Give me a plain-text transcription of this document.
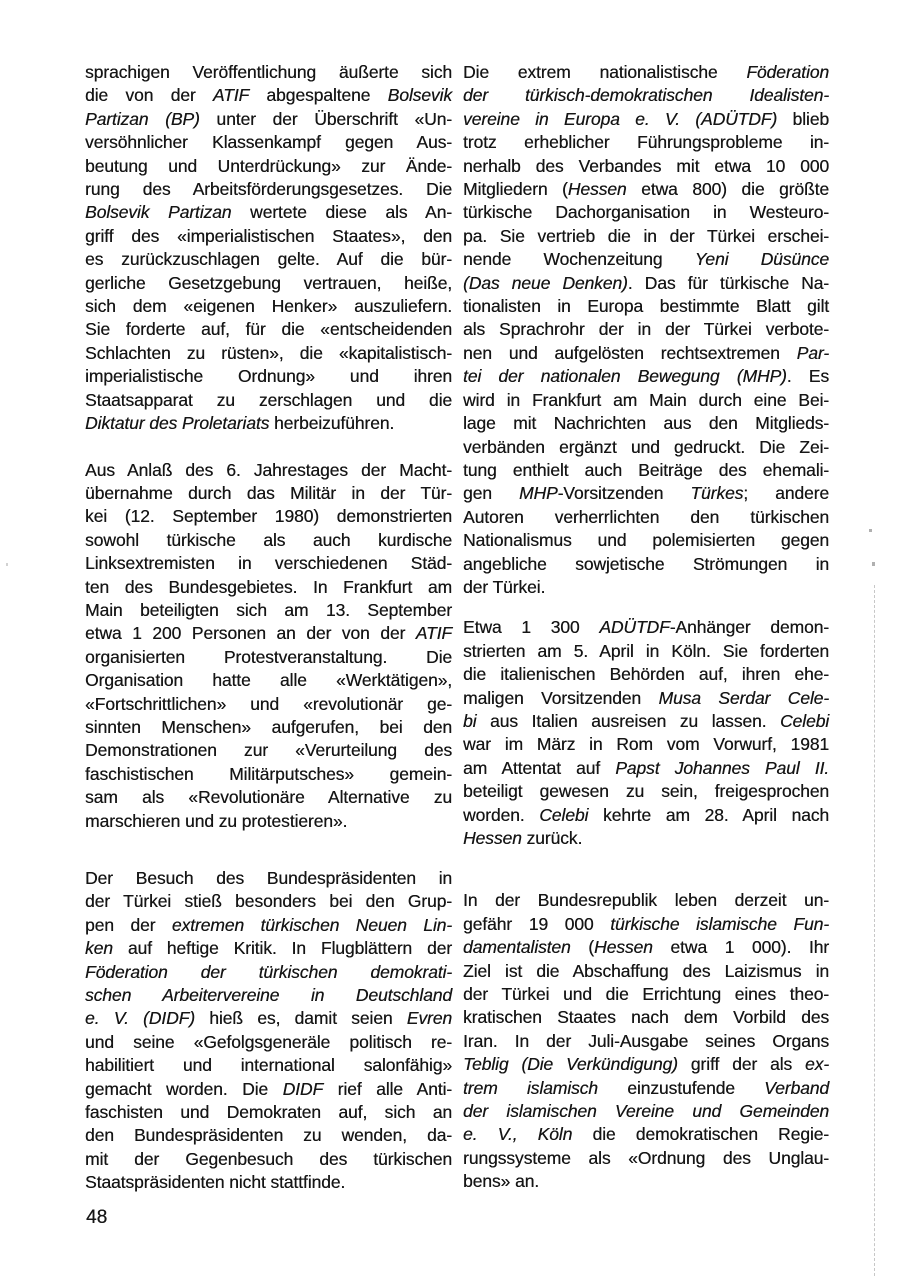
sprachigen Veröffentlichung äußerte sich
die von der ATIF abgespaltene Bolsevik
Partizan (BP) unter der Überschrift «Un-
versöhnlicher Klassenkampf gegen Aus-
beutung und Unterdrückung» zur Ände-
rung des Arbeitsförderungsgesetzes. Die
Bolsevik Partizan wertete diese als An-
griff des «imperialistischen Staates», den
es zurückzuschlagen gelte. Auf die bür-
gerliche Gesetzgebung vertrauen, heiße,
sich dem «eigenen Henker» auszuliefern.
Sie forderte auf, für die «entscheidenden
Schlachten zu rüsten», die «kapitalistisch-
imperialistische Ordnung» und ihren
Staatsapparat zu zerschlagen und die
Diktatur des Proletariats herbeizuführen.
Aus Anlaß des 6. Jahrestages der Macht-
übernahme durch das Militär in der Tür-
kei (12. September 1980) demonstrierten
sowohl türkische als auch kurdische
Linksextremisten in verschiedenen Städ-
ten des Bundesgebietes. In Frankfurt am
Main beteiligten sich am 13. September
etwa 1 200 Personen an der von der ATIF
organisierten Protestveranstaltung. Die
Organisation hatte alle «Werktätigen»,
«Fortschrittlichen» und «revolutionär ge-
sinnten Menschen» aufgerufen, bei den
Demonstrationen zur «Verurteilung des
faschistischen Militärputsches» gemein-
sam als «Revolutionäre Alternative zu
marschieren und zu protestieren».
Der Besuch des Bundespräsidenten in
der Türkei stieß besonders bei den Grup-
pen der extremen türkischen Neuen Lin-
ken auf heftige Kritik. In Flugblättern der
Föderation der türkischen demokrati-
schen Arbeitervereine in Deutschland
e. V. (DIDF) hieß es, damit seien Evren
und seine «Gefolgsgeneräle politisch re-
habilitiert und international salonfähig»
gemacht worden. Die DIDF rief alle Anti-
faschisten und Demokraten auf, sich an
den Bundespräsidenten zu wenden, da-
mit der Gegenbesuch des türkischen
Staatspräsidenten nicht stattfinde.
Die extrem nationalistische Föderation
der türkisch-demokratischen Idealisten-
vereine in Europa e. V. (ADÜTDF) blieb
trotz erheblicher Führungsprobleme in-
nerhalb des Verbandes mit etwa 10 000
Mitgliedern (Hessen etwa 800) die größte
türkische Dachorganisation in Westeuro-
pa. Sie vertrieb die in der Türkei erschei-
nende Wochenzeitung Yeni Düsünce
(Das neue Denken). Das für türkische Na-
tionalisten in Europa bestimmte Blatt gilt
als Sprachrohr der in der Türkei verbote-
nen und aufgelösten rechtsextremen Par-
tei der nationalen Bewegung (MHP). Es
wird in Frankfurt am Main durch eine Bei-
lage mit Nachrichten aus den Mitglieds-
verbänden ergänzt und gedruckt. Die Zei-
tung enthielt auch Beiträge des ehemali-
gen MHP-Vorsitzenden Türkes; andere
Autoren verherrlichten den türkischen
Nationalismus und polemisierten gegen
angebliche sowjetische Strömungen in
der Türkei.
Etwa 1 300 ADÜTDF-Anhänger demon-
strierten am 5. April in Köln. Sie forderten
die italienischen Behörden auf, ihren ehe-
maligen Vorsitzenden Musa Serdar Cele-
bi aus Italien ausreisen zu lassen. Celebi
war im März in Rom vom Vorwurf, 1981
am Attentat auf Papst Johannes Paul II.
beteiligt gewesen zu sein, freigesprochen
worden. Celebi kehrte am 28. April nach
Hessen zurück.
In der Bundesrepublik leben derzeit un-
gefähr 19 000 türkische islamische Fun-
damentalisten (Hessen etwa 1 000). Ihr
Ziel ist die Abschaffung des Laizismus in
der Türkei und die Errichtung eines theo-
kratischen Staates nach dem Vorbild des
Iran. In der Juli-Ausgabe seines Organs
Teblig (Die Verkündigung) griff der als ex-
trem islamisch einzustufende Verband
der islamischen Vereine und Gemeinden
e. V., Köln die demokratischen Regie-
rungssysteme als «Ordnung des Unglau-
bens» an.
48
